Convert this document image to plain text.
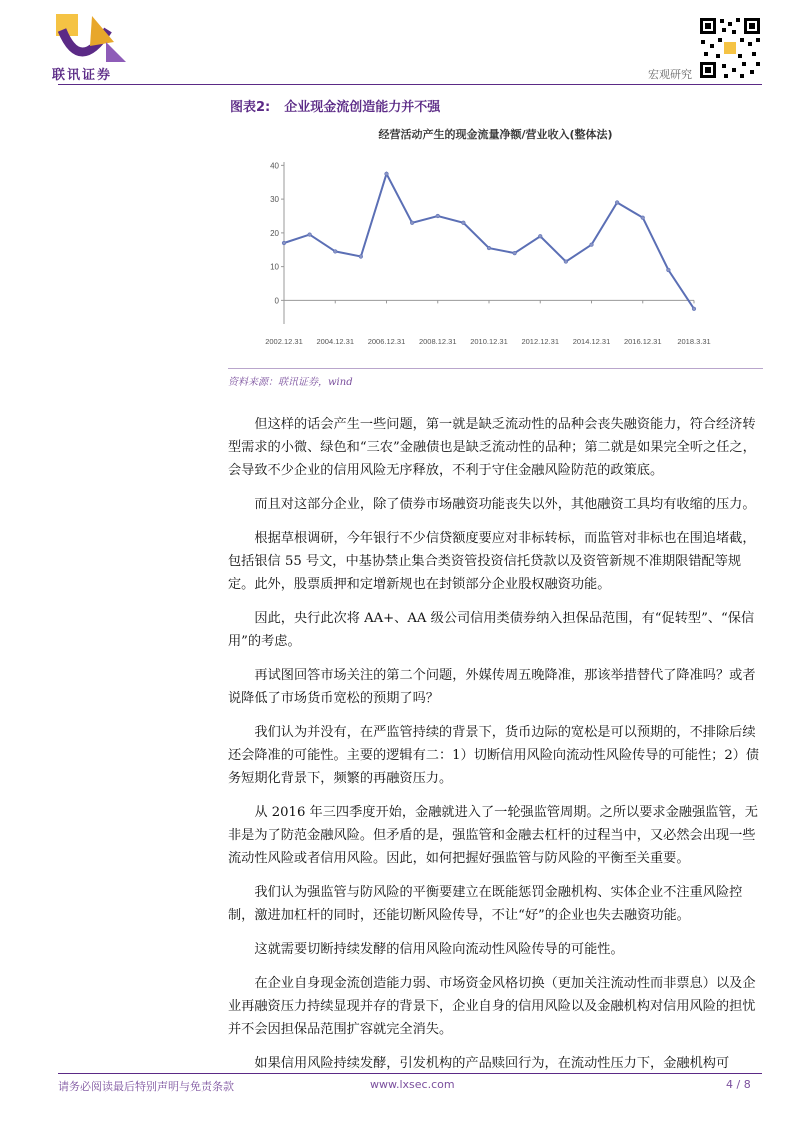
联讯证券	宏观研究
图表2: 企业现金流创造能力并不强
经营活动产生的现金流量净额/营业收入(整体法)
0
10
20
30
40
2002.12.31 2004.12.31 2006.12.31 2008.12.31 2010.12.31 2012.12.31 2014.12.31 2016.12.31 2018.3.31
资料来源：联讯证券，wind

但这样的话会产生一些问题，第一就是缺乏流动性的品种会丧失融资能力，符合经济转型需求的小微、绿色和“三农”金融债也是缺乏流动性的品种；第二就是如果完全听之任之，会导致不少企业的信用风险无序释放，不利于守住金融风险防范的政策底。

而且对这部分企业，除了债券市场融资功能丧失以外，其他融资工具均有收缩的压力。

根据草根调研，今年银行不少信贷额度要应对非标转标，而监管对非标也在围追堵截，包括银信 55 号文，中基协禁止集合类资管投资信托贷款以及资管新规不准期限错配等规定。此外，股票质押和定增新规也在封锁部分企业股权融资功能。

因此，央行此次将 AA+、AA 级公司信用类债券纳入担保品范围，有“促转型”、“保信用”的考虑。

再试图回答市场关注的第二个问题，外媒传周五晚降准，那该举措替代了降准吗？或者说降低了市场货币宽松的预期了吗？

我们认为并没有，在严监管持续的背景下，货币边际的宽松是可以预期的，不排除后续还会降准的可能性。主要的逻辑有二：1）切断信用风险向流动性风险传导的可能性；2）债务短期化背景下，频繁的再融资压力。

从 2016 年三四季度开始，金融就进入了一轮强监管周期。之所以要求金融强监管，无非是为了防范金融风险。但矛盾的是，强监管和金融去杠杆的过程当中，又必然会出现一些流动性风险或者信用风险。因此，如何把握好强监管与防风险的平衡至关重要。

我们认为强监管与防风险的平衡要建立在既能惩罚金融机构、实体企业不注重风险控制，激进加杠杆的同时，还能切断风险传导，不让“好”的企业也失去融资功能。

这就需要切断持续发酵的信用风险向流动性风险传导的可能性。

在企业自身现金流创造能力弱、市场资金风格切换（更加关注流动性而非票息）以及企业再融资压力持续显现并存的背景下，企业自身的信用风险以及金融机构对信用风险的担忧并不会因担保品范围扩容就完全消失。

如果信用风险持续发酵，引发机构的产品赎回行为，在流动性压力下，金融机构可

请务必阅读最后特别声明与免责条款	www.lxsec.com	4 / 8
